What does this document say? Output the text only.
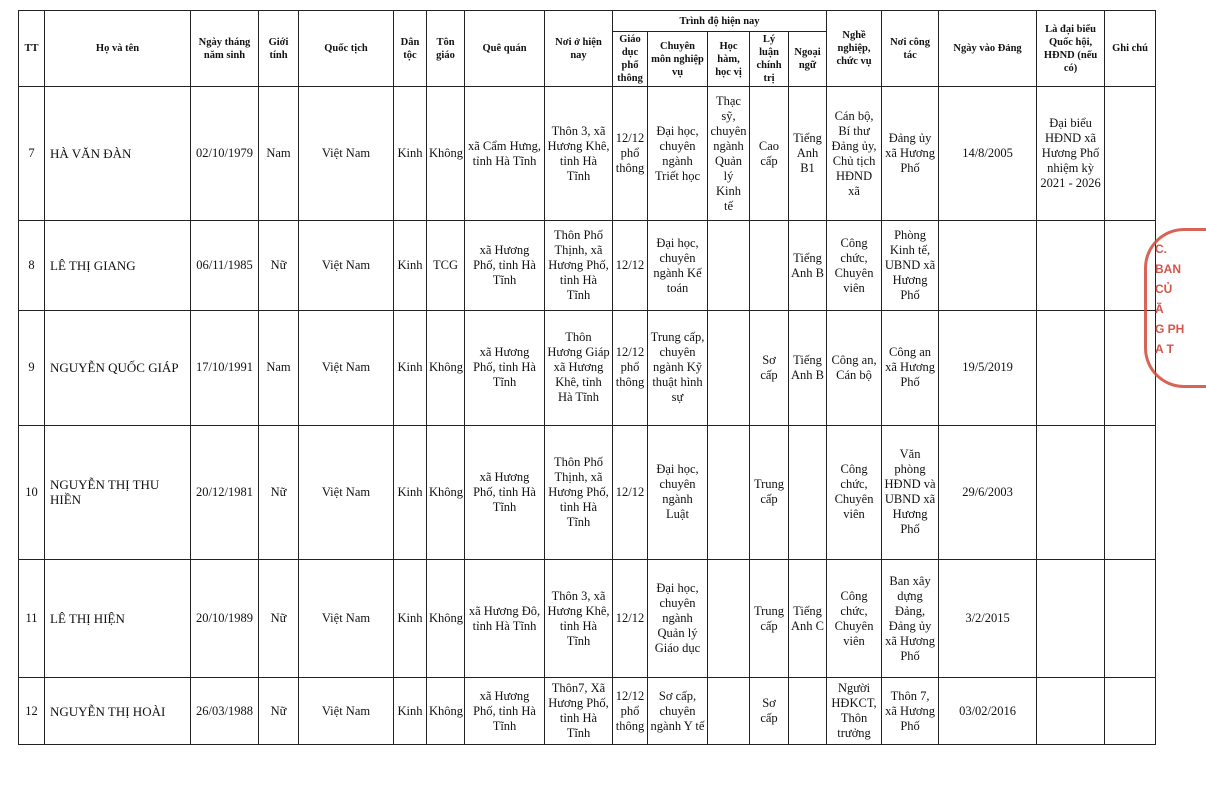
TT	Họ và tên	Ngày tháng năm sinh	Giới tính	Quốc tịch	Dân tộc	Tôn giáo	Quê quán	Nơi ở hiện nay	Trình độ hiện nay					Nghề nghiệp, chức vụ	Nơi công tác	Ngày vào Đảng	Là đại biểu Quốc hội, HĐND (nếu có)	Ghi chú
									Giáo dục phổ thông	Chuyên môn nghiệp vụ	Học hàm, học vị	Lý luận chính trị	Ngoại ngữ					
7	HÀ VĂN ĐÀN	02/10/1979	Nam	Việt Nam	Kinh	Không	xã Cẩm Hưng, tỉnh Hà Tĩnh	Thôn 3, xã Hương Khê, tỉnh Hà Tĩnh	12/12 phổ thông	Đại học, chuyên ngành Triết học	Thạc sỹ, chuyên ngành Quản lý Kinh tế	Cao cấp	Tiếng Anh B1	Cán bộ, Bí thư Đảng ủy, Chủ tịch HĐND xã	Đảng ủy xã Hương Phố	14/8/2005	Đại biểu HĐND xã Hương Phố nhiệm kỳ 2021 - 2026	
8	LÊ THỊ GIANG	06/11/1985	Nữ	Việt Nam	Kinh	TCG	xã Hương Phố, tỉnh Hà Tĩnh	Thôn Phố Thịnh, xã Hương Phố, tỉnh Hà Tĩnh	12/12	Đại học, chuyên ngành Kế toán			Tiếng Anh B	Công chức, Chuyên viên	Phòng Kinh tế, UBND xã Hương Phố			
9	NGUYỄN QUỐC GIÁP	17/10/1991	Nam	Việt Nam	Kinh	Không	xã Hương Phố, tỉnh Hà Tĩnh	Thôn Hương Giáp xã Hương Khê, tỉnh Hà Tĩnh	12/12 phổ thông	Trung cấp, chuyên ngành Kỹ thuật hình sự		Sơ cấp	Tiếng Anh B	Công an, Cán bộ	Công an xã Hương Phố	19/5/2019		
10	NGUYỄN THỊ THU HIỀN	20/12/1981	Nữ	Việt Nam	Kinh	Không	xã Hương Phố, tỉnh Hà Tĩnh	Thôn Phố Thịnh, xã Hương Phố, tỉnh Hà Tĩnh	12/12	Đại học, chuyên ngành Luật		Trung cấp		Công chức, Chuyên viên	Văn phòng HĐND và UBND xã Hương Phố	29/6/2003		
11	LÊ THỊ HIỆN	20/10/1989	Nữ	Việt Nam	Kinh	Không	xã Hương Đô, tỉnh Hà Tĩnh	Thôn 3, xã Hương Khê, tỉnh Hà Tĩnh	12/12	Đại học, chuyên ngành Quản lý Giáo dục		Trung cấp	Tiếng Anh C	Công chức, Chuyên viên	Ban xây dựng Đảng, Đảng ủy xã Hương Phố	3/2/2015		
12	NGUYỄN THỊ HOÀI	26/03/1988	Nữ	Việt Nam	Kinh	Không	xã Hương Phố, tỉnh Hà Tĩnh	Thôn7, Xã Hương Phố, tỉnh Hà Tĩnh	12/12 phổ thông	Sơ cấp, chuyên ngành Y tế		Sơ cấp		Người HĐKCT, Thôn trưởng	Thôn 7, xã Hương Phố	03/02/2016		
C.
BAN
CỦ
Ã
G PH
A T
